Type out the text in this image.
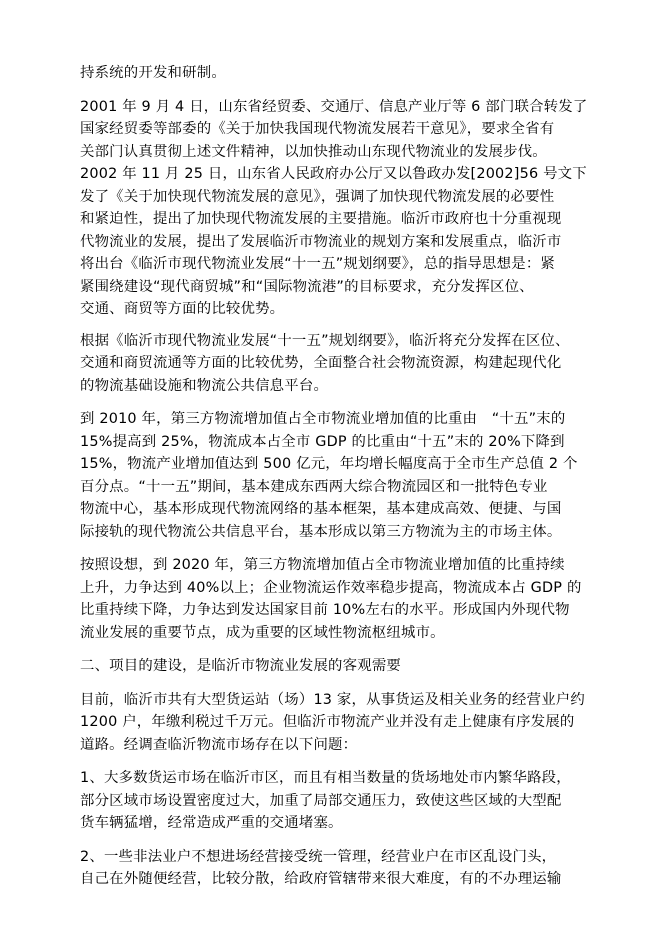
持系统的开发和研制。

2001 年 9 月 4 日，山东省经贸委、交通厅、信息产业厅等 6 部门联合转发了
国家经贸委等部委的《关于加快我国现代物流发展若干意见》，要求全省有
关部门认真贯彻上述文件精神，以加快推动山东现代物流业的发展步伐。
2002 年 11 月 25 日，山东省人民政府办公厅又以鲁政办发[2002]56 号文下
发了《关于加快现代物流发展的意见》，强调了加快现代物流发展的必要性
和紧迫性，提出了加快现代物流发展的主要措施。临沂市政府也十分重视现
代物流业的发展，提出了发展临沂市物流业的规划方案和发展重点，临沂市
将出台《临沂市现代物流业发展“十一五”规划纲要》，总的指导思想是：紧
紧围绕建设“现代商贸城”和“国际物流港”的目标要求，充分发挥区位、
交通、商贸等方面的比较优势。

根据《临沂市现代物流业发展“十一五”规划纲要》，临沂将充分发挥在区位、
交通和商贸流通等方面的比较优势，全面整合社会物流资源，构建起现代化
的物流基础设施和物流公共信息平台。

到 2010 年，第三方物流增加值占全市物流业增加值的比重由　“十五”末的
15%提高到 25%，物流成本占全市 GDP 的比重由“十五”末的 20%下降到
15%，物流产业增加值达到 500 亿元，年均增长幅度高于全市生产总值 2 个
百分点。“十一五”期间，基本建成东西两大综合物流园区和一批特色专业
物流中心，基本形成现代物流网络的基本框架，基本建成高效、便捷、与国
际接轨的现代物流公共信息平台，基本形成以第三方物流为主的市场主体。

按照设想，到 2020 年，第三方物流增加值占全市物流业增加值的比重持续
上升，力争达到 40%以上；企业物流运作效率稳步提高，物流成本占 GDP 的
比重持续下降，力争达到发达国家目前 10%左右的水平。形成国内外现代物
流业发展的重要节点，成为重要的区域性物流枢纽城市。

二、项目的建设，是临沂市物流业发展的客观需要

目前，临沂市共有大型货运站（场）13 家，从事货运及相关业务的经营业户约
1200 户，年缴利税过千万元。但临沂市物流产业并没有走上健康有序发展的
道路。经调查临沂物流市场存在以下问题：

1、大多数货运市场在临沂市区，而且有相当数量的货场地处市内繁华路段，
部分区域市场设置密度过大，加重了局部交通压力，致使这些区域的大型配
货车辆猛增，经常造成严重的交通堵塞。

2、一些非法业户不想进场经营接受统一管理，经营业户在市区乱设门头，
自己在外随便经营，比较分散，给政府管辖带来很大难度，有的不办理运输
